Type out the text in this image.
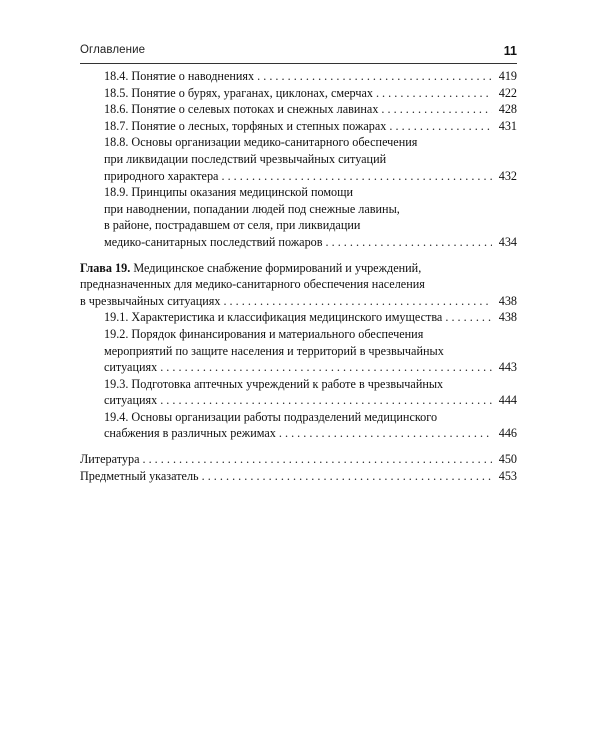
Оглавление	11
18.4. Понятие о наводнениях . . .	419
18.5. Понятие о бурях, ураганах, циклонах, смерчах . . .	422
18.6. Понятие о селевых потоках и снежных лавинах . . .	428
18.7. Понятие о лесных, торфяных и степных пожарах . . .	431
18.8. Основы организации медико-санитарного обеспечения
при ликвидации последствий чрезвычайных ситуаций
природного характера . . .	432
18.9. Принципы оказания медицинской помощи
при наводнении, попадании людей под снежные лавины,
в районе, пострадавшем от селя, при ликвидации
медико-санитарных последствий пожаров . . .	434
Глава 19. Медицинское снабжение формирований и учреждений,
предназначенных для медико-санитарного обеспечения населения
в чрезвычайных ситуациях . . .	438
19.1. Характеристика и классификация медицинского имущества . . .	438
19.2. Порядок финансирования и материального обеспечения
мероприятий по защите населения и территорий в чрезвычайных
ситуациях . . .	443
19.3. Подготовка аптечных учреждений к работе в чрезвычайных
ситуациях . . .	444
19.4. Основы организации работы подразделений медицинского
снабжения в различных режимах . . .	446
Литература . . .	450
Предметный указатель . . .	453
